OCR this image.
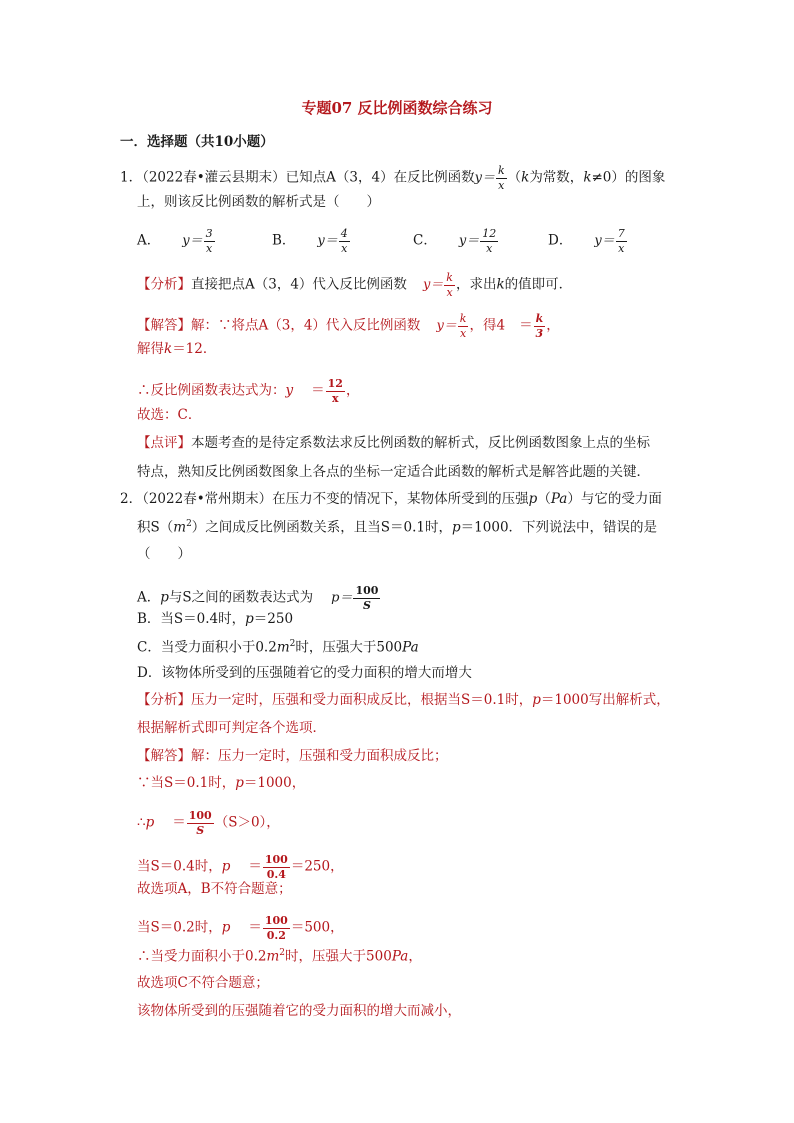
专题07 反比例函数综合练习
一．选择题（共10小题）
1．（2022春•灌云县期末）已知点A（3，4）在反比例函数$y= \frac{k}{x} (k$为常数，k≠0）的图象
上，则该反比例函数的解析式是（　　）
A． $y= \frac{3}{x}$	B． $y= \frac{4}{x}$	C． $y= \frac{12}{x}$	D． $y= \frac{7}{x}$
【分析】直接把点A（3，4）代入反比例函数 $y= \frac{k}{x}$ ，求出k的值即可．
【解答】解：∵将点A（3，4）代入反比例函数 $y= \frac{k}{x}$ ，得$4 = \frac{k}{3}$ ，
解得k＝12．
∴反比例函数表达式为：$y = \frac{12}{x}$ ，
故选：C．
【点评】本题考查的是待定系数法求反比例函数的解析式，反比例函数图象上点的坐标
特点，熟知反比例函数图象上各点的坐标一定适合此函数的解析式是解答此题的关键．
2．（2022春•常州期末）在压力不变的情况下，某物体所受到的压强p（Pa）与它的受力面
积$S(m^2)$之间成反比例函数关系，且当S＝0.1时，p＝1000．下列说法中，错误的是
（　　）
A．p与S之间的函数表达式为 $p= \frac{100}{S}$
B．当S＝0.4时，p＝250
C．当受力面积小于$0.2m^2$时，压强大于500Pa
D．该物体所受到的压强随着它的受力面积的增大而增大
【分析】压力一定时，压强和受力面积成反比，根据当S＝0.1时，p＝1000写出解析式，
根据解析式即可判定各个选项．
【解答】解：压力一定时，压强和受力面积成反比；
∵当S＝0.1时，p＝1000，
∴p ＝ $\frac{100}{S} (S>0)$，
当S＝0.4时，$p = \frac{100}{0.4} =250$，
故选项A，B不符合题意；
当S＝0.2时，$p = \frac{100}{0.2} =500$，
∴当受力面积小于$0.2m^2$时，压强大于500Pa，
故选项C不符合题意；
该物体所受到的压强随着它的受力面积的增大而减小，
